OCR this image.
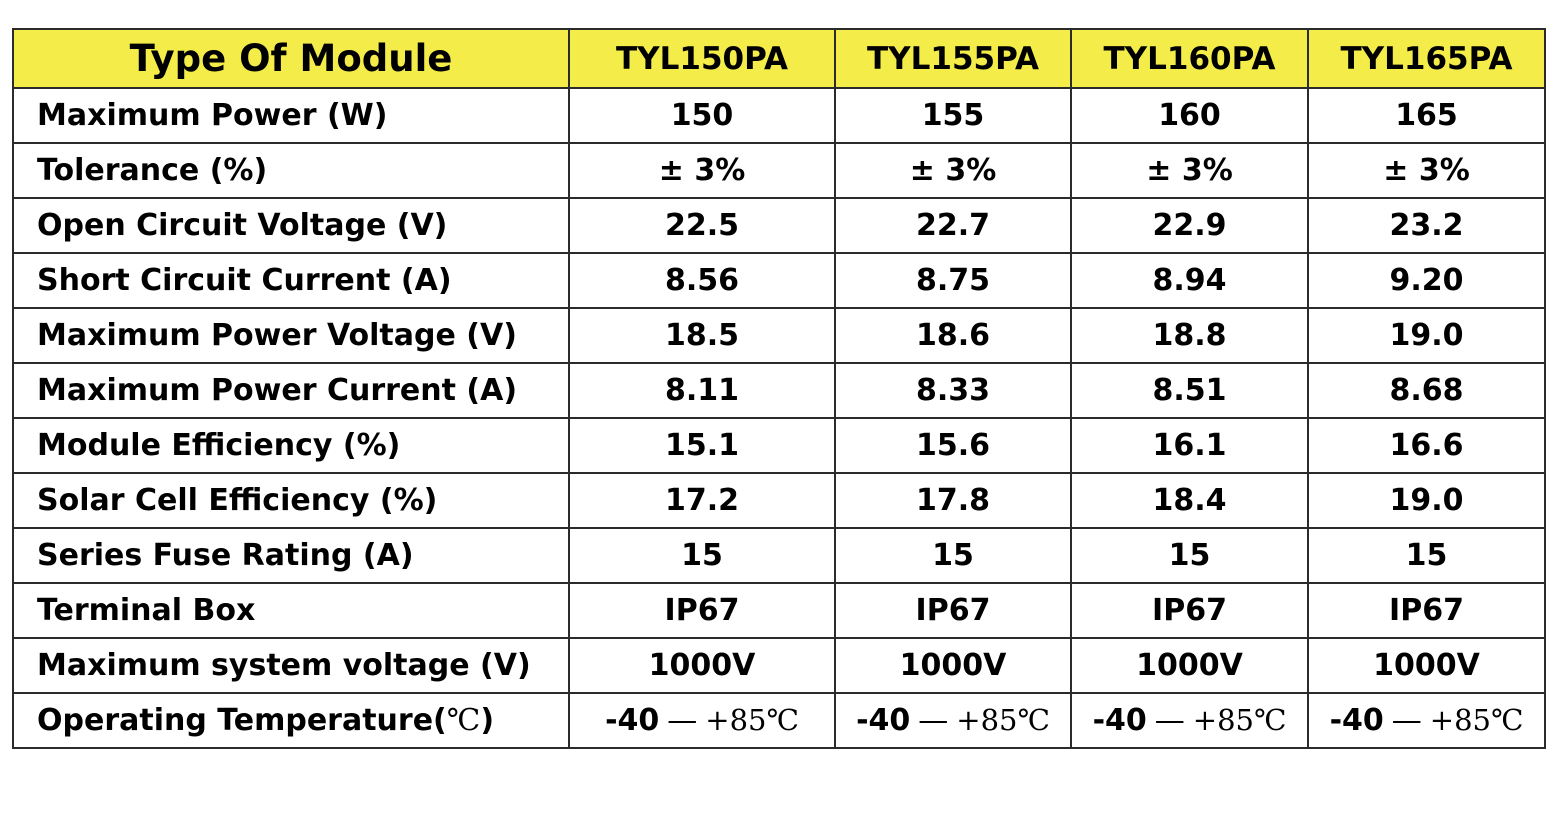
Type Of Module	TYL150PA	TYL155PA	TYL160PA	TYL165PA
Maximum Power (W)	150	155	160	165
Tolerance (%)	± 3%	± 3%	± 3%	± 3%
Open Circuit Voltage (V)	22.5	22.7	22.9	23.2
Short Circuit Current (A)	8.56	8.75	8.94	9.20
Maximum Power Voltage (V)	18.5	18.6	18.8	19.0
Maximum Power Current (A)	8.11	8.33	8.51	8.68
Module Efficiency (%)	15.1	15.6	16.1	16.6
Solar Cell Efficiency (%)	17.2	17.8	18.4	19.0
Series Fuse Rating (A)	15	15	15	15
Terminal Box	IP67	IP67	IP67	IP67
Maximum system voltage (V)	1000V	1000V	1000V	1000V
Operating Temperature(℃)	-40 — +85℃	-40 — +85℃	-40 — +85℃	-40 — +85℃
